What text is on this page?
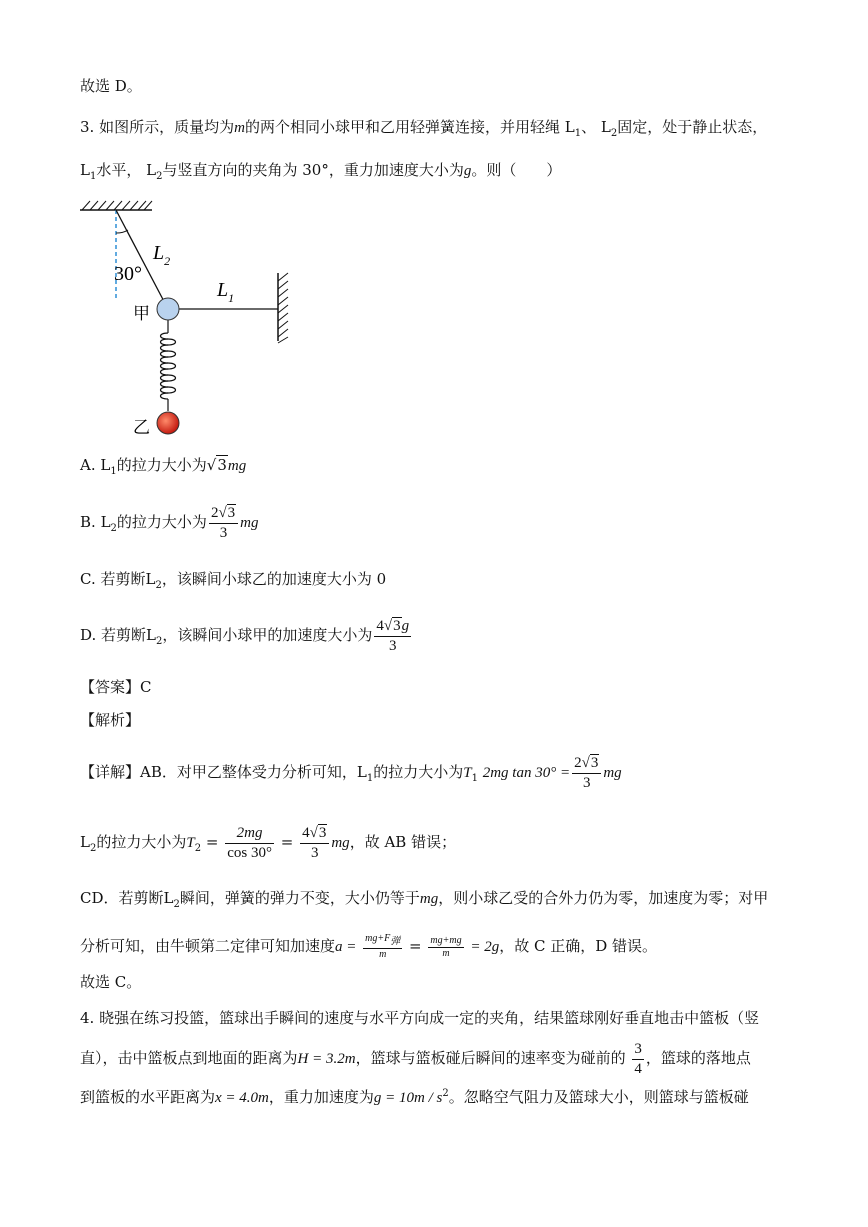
故选 D。
3. 如图所示，质量均为m的两个相同小球甲和乙用轻弹簧连接，并用轻绳 $L_1$、 $L_2$固定，处于静止状态，
$L_1$水平， $L_2$与竖直方向的夹角为 30°，重力加速度大小为g。则（　　）
30°
$L_2$
$L_1$
甲
乙
A. $L_1$的拉力大小为√3mg
B. $L_2$的拉力大小为 $\frac{2√3}{3}$ mg
C. 若剪断$L_2$，该瞬间小球乙的加速度大小为 0
D. 若剪断$L_2$，该瞬间小球甲的加速度大小为 $\frac{4√3g}{3}$
【答案】C
【解析】
【详解】AB．对甲乙整体受力分析可知，$L_1$的拉力大小为$T_1$ 2mg $\tan 30^\circ = \frac{2√3}{3}$ mg
$L_2$的拉力大小为$T_2 = \frac{2mg}{\cos 30^\circ} = \frac{4√3}{3}$ mg，故 AB 错误；
CD．若剪断$L_2$瞬间，弹簧的弹力不变，大小仍等于mg，则小球乙受的合外力仍为零，加速度为零；对甲
分析可知，由牛顿第二定律可知加速度$a = \frac{mg+F_弹}{m} = \frac{mg+mg}{m} = 2g$，故 C 正确，D 错误。
故选 C。
4. 晓强在练习投篮，篮球出手瞬间的速度与水平方向成一定的夹角，结果篮球刚好垂直地击中篮板（竖
直），击中篮板点到地面的距离为H = 3.2m，篮球与篮板碰后瞬间的速率变为碰前的 $\frac{3}{4}$ ，篮球的落地点
到篮板的水平距离为x = 4.0m，重力加速度为$g = 10m / s^2$。忽略空气阻力及篮球大小，则篮球与篮板碰
